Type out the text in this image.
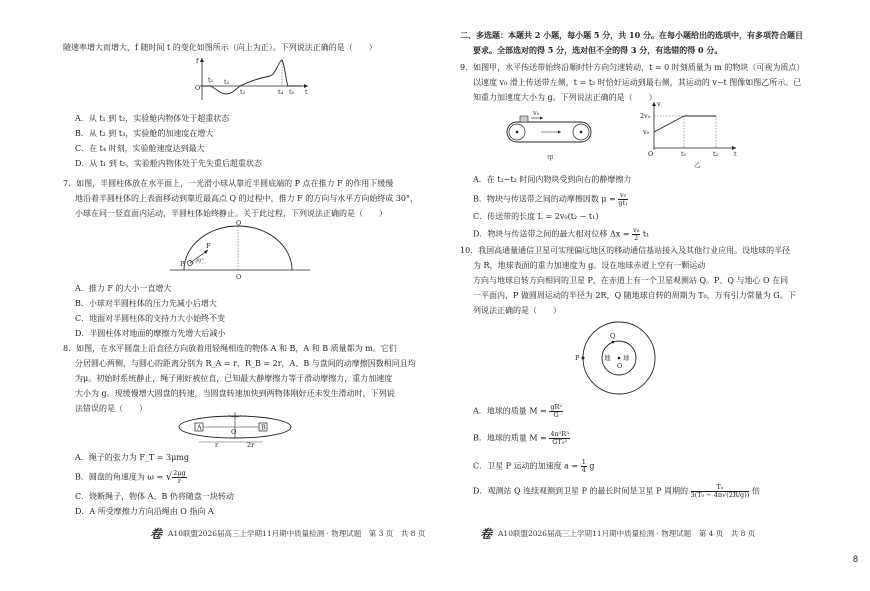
随速率增大而增大，f 随时间 t 的变化如图所示（向上为正）。下列说法正确的是（　　）
f
O	t
t₁ t₂
t₃	t₄ t₅
A．从 t₁ 到 t₂，实验舱内物体处于超重状态
B．从 t₂ 到 t₃，实验舱的加速度在增大
C．在 t₄ 时刻，实验舱速度达到最大
D．从 t₁ 到 t₅，实验舱内物体处于先失重后超重状态
7．如图，半圆柱体放在水平面上，一光滑小球从靠近半圆底端的 P 点在推力 F 的作用下缓慢
地沿着半圆柱体的上表面移动到靠近最高点 Q 的过程中，推力 F 的方向与水平方向始终成 30°，
小球在同一竖直面内运动，半圆柱体始终静止。关于此过程，下列说法正确的是（　　）
Q
P
F
30°
O
A．推力 F 的大小一直增大
B．小球对半圆柱体的压力先减小后增大
C．地面对半圆柱体的支持力大小始终不变
D．半圆柱体对地面的摩擦力先增大后减小
8．如图，在水平圆盘上沿直径方向放着用轻绳相连的物体 A 和 B，A 和 B 质量都为 m。它们
分居圆心两侧，与圆心的距离分别为 R_A = r，R_B = 2r，A、B 与盘间的动摩擦因数相同且均
为μ。初始时系统静止，绳子刚好被拉直，已知最大静摩擦力等于滑动摩擦力，重力加速度
大小为 g。现缓慢增大圆盘的转速，当圆盘转速加快到两物体刚好还未发生滑动时，下列说
法错误的是（　　）
A	B
O
r	2r
A．绳子的张力为 F_T = 3μmg
B．圆盘的角速度为 ω = √ $\frac{2\mu g}{r}$
C．烧断绳子，物体 A、B 仍将随盘一块转动
D．A 所受摩擦力方向沿绳由 O 指向 A
卷 A10联盟2026届高三上学期11月期中质量检测 · 物理试题　第 3 页　共 8 页
二、多选题：本题共 2 小题，每小题 5 分，共 10 分。在每小题给出的选项中，有多项符合题目
要求。全部选对的得 5 分，选对但不全的得 3 分，有选错的得 0 分。
9．如图甲，水平传送带始终沿顺时针方向匀速转动，t = 0 时刻质量为 m 的物块（可视为质点）
以速度 v₀ 滑上传送带左侧，t = t₂ 时恰好运动到最右侧，其运动的 v−t 图像如图乙所示。已
知重力加速度大小为 g。下列说法正确的是（　　）
v₀
甲
v
2v₀
v₀
O	t₁	t₂ t
乙
A．在 t₁~t₂ 时间内物块受到向右的静摩擦力
B．物块与传送带之间的动摩擦因数 $\mu = \frac{\text{v₀}}{\text{gt₁}}$
C．传送带的长度 L = 2v₀(t₂ − t₁)
D．物块与传送带之间的最大相对位移 $\Delta x = \frac{\text{v₀}}{2} t_1$
10．我国高通量通信卫星可实现偏远地区的移动通信基站接入及其他行业应用。设地球的半径
为 R，地球表面的重力加速度为 g。设在地球赤道上空有一颗运动
方向与地球自转方向相同的卫星 P，在赤道上有一个卫星观测站 Q。P、Q 与地心 O 在同
一平面内，P 做圆周运动的半径为 2R，Q 随地球自转的周期为 T₀，万有引力常量为 G。下
列说法正确的是（　　）
Q
P	地 球
O
A．地球的质量 $M = \frac{\text{gR²}}{G}$
B．地球的质量 $M = \frac{\text{4π²R³}}{\text{GT₀²}}$
C．卫星 P 运动的加速度 $a = \frac{1}{4}$ g
D．观测站 Q 连续观测到卫星 P 的最长时间是卫星 P 周期的 $\frac{\text{T₀}}{\text{3(T₀ − 4π√(2R/g))}}$ 倍
卷 A10联盟2026届高三上学期11月期中质量检测 · 物理试题　第 4 页　共 8 页
8
